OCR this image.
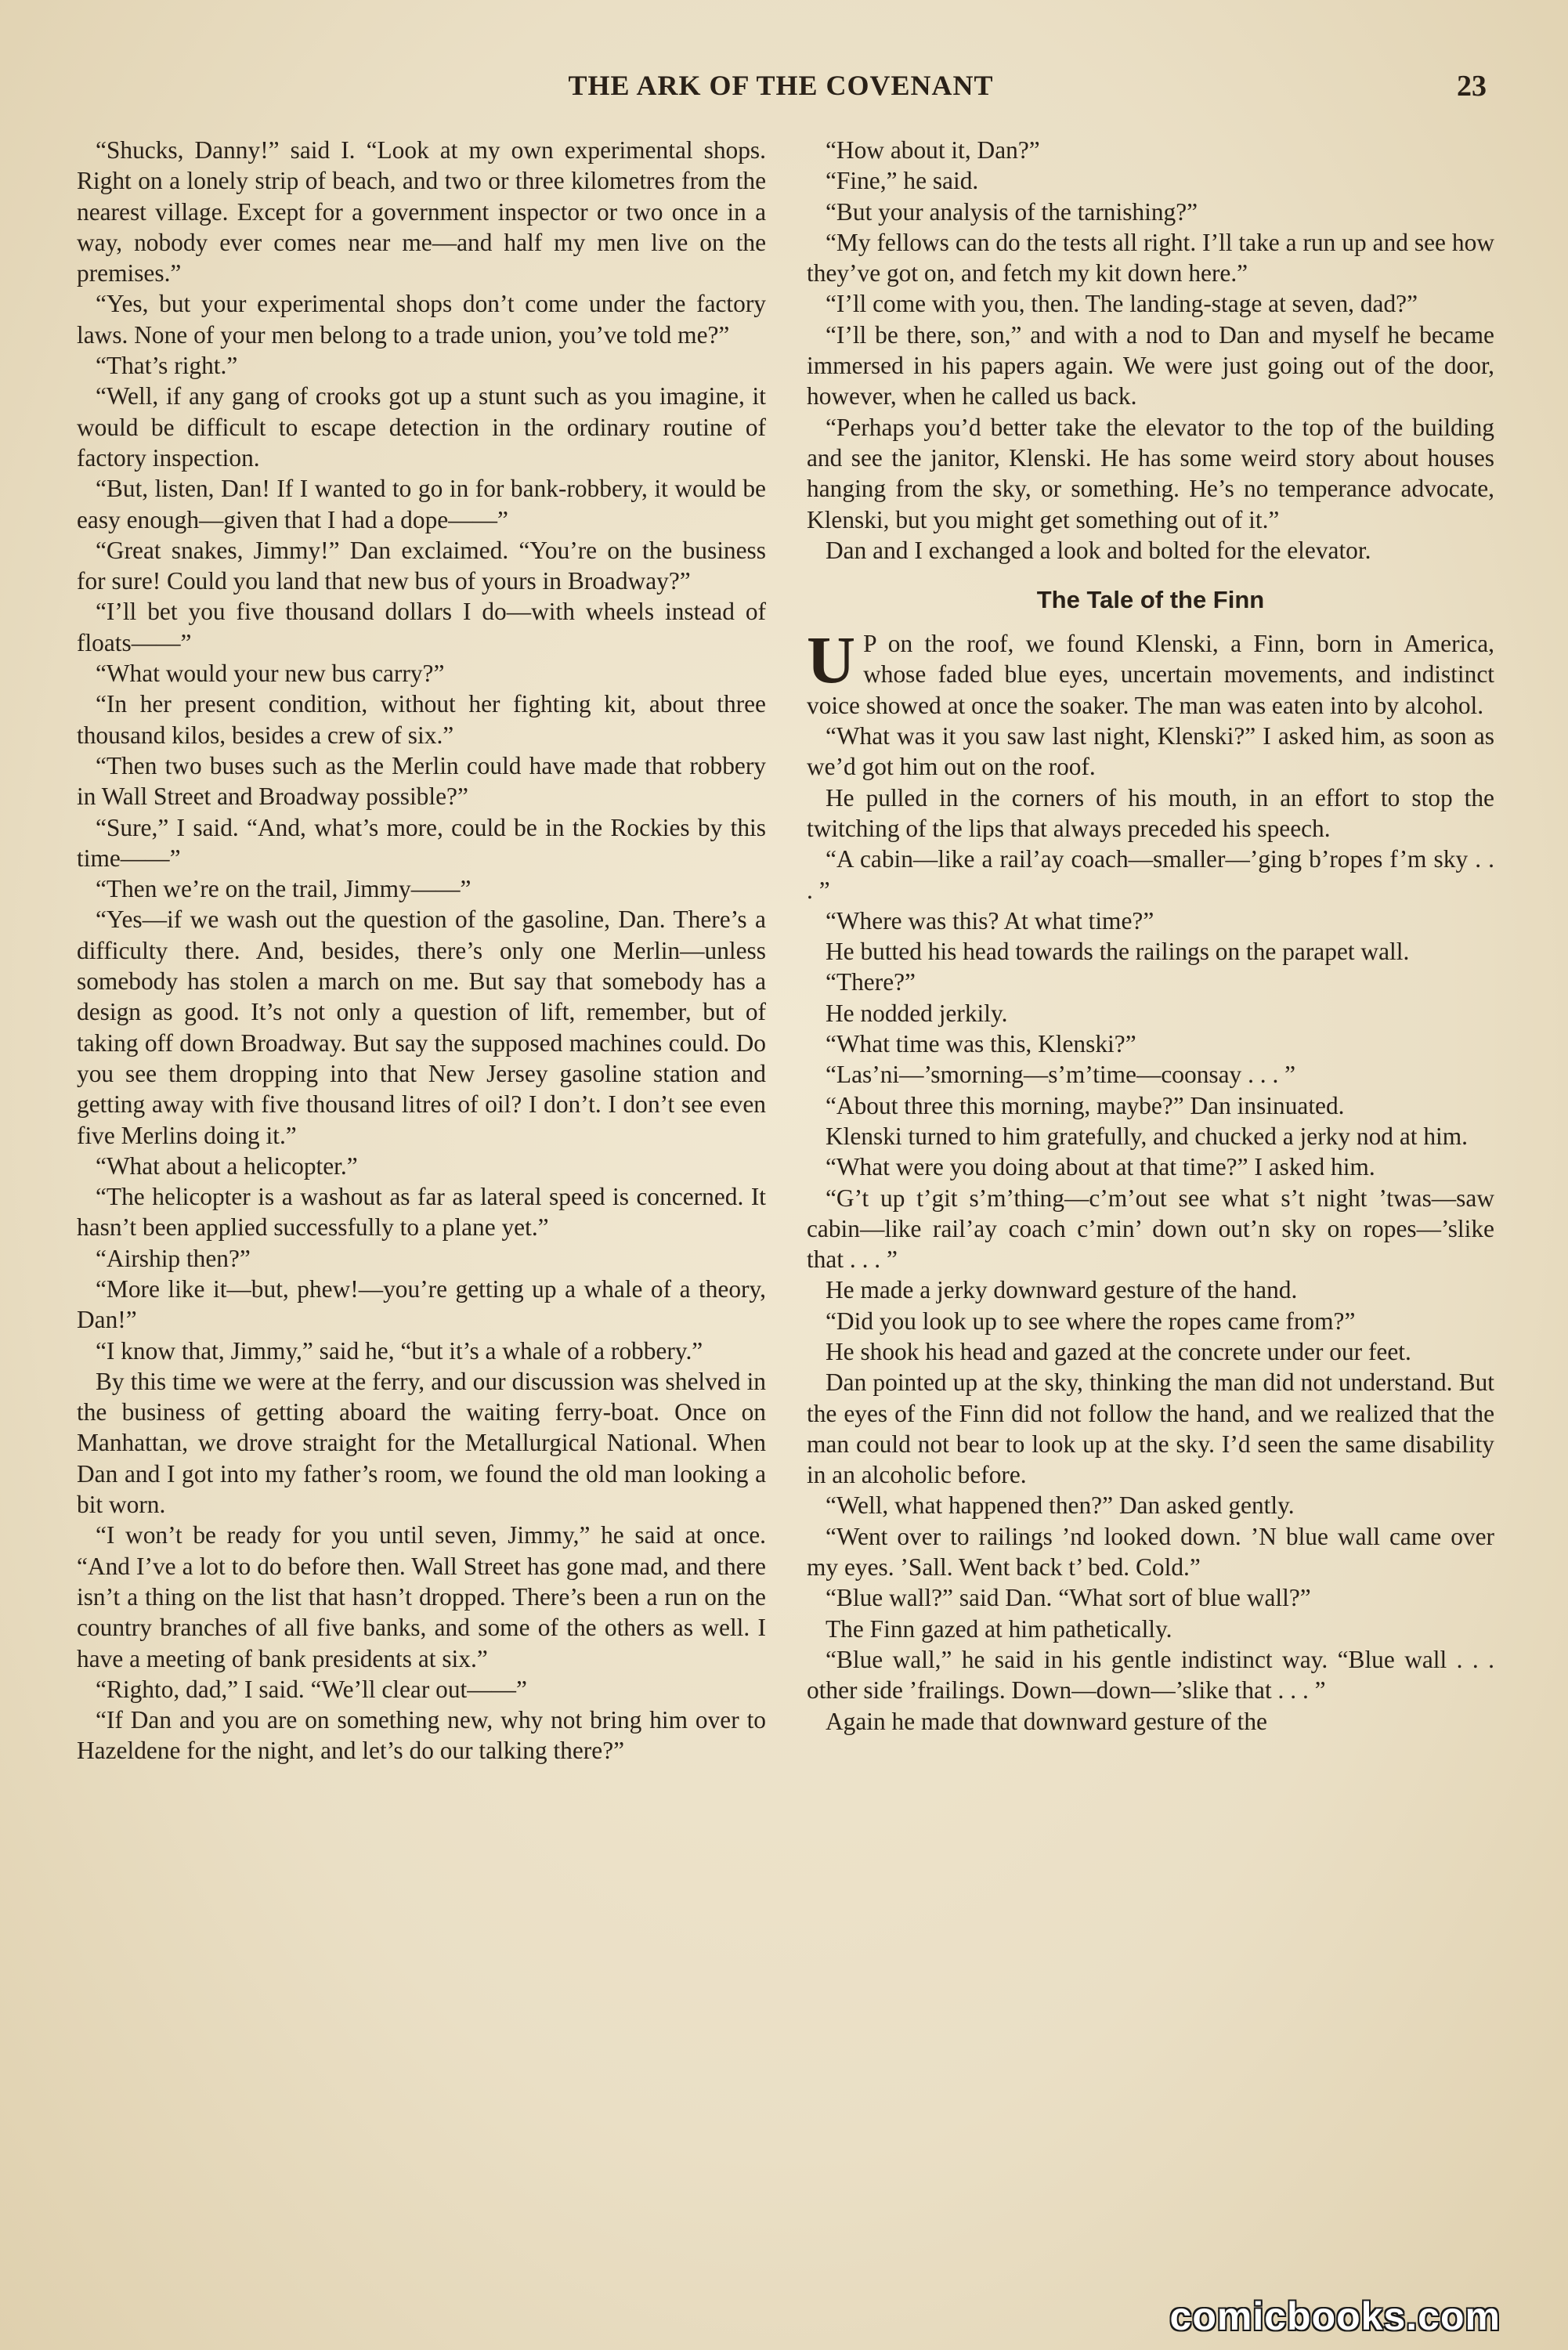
THE ARK OF THE COVENANT	23

“Shucks, Danny!” said I. “Look at my own experimental shops. Right on a lonely strip of beach, and two or three kilometres from the nearest village. Except for a government inspector or two once in a way, nobody ever comes near me—and half my men live on the premises.”

“Yes, but your experimental shops don’t come under the factory laws. None of your men belong to a trade union, you’ve told me?”

“That’s right.”

“Well, if any gang of crooks got up a stunt such as you imagine, it would be difficult to escape detection in the ordinary routine of factory inspection.

“But, listen, Dan! If I wanted to go in for bank-robbery, it would be easy enough—given that I had a dope——”

“Great snakes, Jimmy!” Dan exclaimed. “You’re on the business for sure! Could you land that new bus of yours in Broadway?”

“I’ll bet you five thousand dollars I do—with wheels instead of floats——”

“What would your new bus carry?”

“In her present condition, without her fighting kit, about three thousand kilos, besides a crew of six.”

“Then two buses such as the Merlin could have made that robbery in Wall Street and Broadway possible?”

“Sure,” I said. “And, what’s more, could be in the Rockies by this time——”

“Then we’re on the trail, Jimmy——”

“Yes—if we wash out the question of the gasoline, Dan. There’s a difficulty there. And, besides, there’s only one Merlin—unless somebody has stolen a march on me. But say that somebody has a design as good. It’s not only a question of lift, remember, but of taking off down Broadway. But say the supposed machines could. Do you see them dropping into that New Jersey gasoline station and getting away with five thousand litres of oil? I don’t. I don’t see even five Merlins doing it.”

“What about a helicopter.”

“The helicopter is a washout as far as lateral speed is concerned. It hasn’t been applied successfully to a plane yet.”

“Airship then?”

“More like it—but, phew!—you’re getting up a whale of a theory, Dan!”

“I know that, Jimmy,” said he, “but it’s a whale of a robbery.”

By this time we were at the ferry, and our discussion was shelved in the business of getting aboard the waiting ferry-boat. Once on Manhattan, we drove straight for the Metallurgical National. When Dan and I got into my father’s room, we found the old man looking a bit worn.

“I won’t be ready for you until seven, Jimmy,” he said at once. “And I’ve a lot to do before then. Wall Street has gone mad, and there isn’t a thing on the list that hasn’t dropped. There’s been a run on the country branches of all five banks, and some of the others as well. I have a meeting of bank presidents at six.”

“Righto, dad,” I said. “We’ll clear out——”

“If Dan and you are on something new, why not bring him over to Hazeldene for the night, and let’s do our talking there?”

“How about it, Dan?”

“Fine,” he said.

“But your analysis of the tarnishing?”

“My fellows can do the tests all right. I’ll take a run up and see how they’ve got on, and fetch my kit down here.”

“I’ll come with you, then. The landing-stage at seven, dad?”

“I’ll be there, son,” and with a nod to Dan and myself he became immersed in his papers again. We were just going out of the door, however, when he called us back.

“Perhaps you’d better take the elevator to the top of the building and see the janitor, Klenski. He has some weird story about houses hanging from the sky, or something. He’s no temperance advocate, Klenski, but you might get something out of it.”

Dan and I exchanged a look and bolted for the elevator.

The Tale of the Finn

U P on the roof, we found Klenski, a Finn, born in America, whose faded blue eyes, uncertain movements, and indistinct voice showed at once the soaker. The man was eaten into by alcohol.

“What was it you saw last night, Klenski?” I asked him, as soon as we’d got him out on the roof.

He pulled in the corners of his mouth, in an effort to stop the twitching of the lips that always preceded his speech.

“A cabin—like a rail’ay coach—smaller—’ging b’ropes f’m sky . . . ”

“Where was this? At what time?”

He butted his head towards the railings on the parapet wall.

“There?”

He nodded jerkily.

“What time was this, Klenski?”

“Las’ni—’smorning—s’m’time—coonsay . . . ”

“About three this morning, maybe?” Dan insinuated.

Klenski turned to him gratefully, and chucked a jerky nod at him.

“What were you doing about at that time?” I asked him.

“G’t up t’git s’m’thing—c’m’out see what s’t night ’twas—saw cabin—like rail’ay coach c’min’ down out’n sky on ropes—’slike that . . . ”

He made a jerky downward gesture of the hand.

“Did you look up to see where the ropes came from?”

He shook his head and gazed at the concrete under our feet.

Dan pointed up at the sky, thinking the man did not understand. But the eyes of the Finn did not follow the hand, and we realized that the man could not bear to look up at the sky. I’d seen the same disability in an alcoholic before.

“Well, what happened then?” Dan asked gently.

“Went over to railings ’nd looked down. ’N blue wall came over my eyes. ’Sall. Went back t’ bed. Cold.”

“Blue wall?” said Dan. “What sort of blue wall?”

The Finn gazed at him pathetically.

“Blue wall,” he said in his gentle indistinct way. “Blue wall . . . other side ’frailings. Down—down—’slike that . . . ”

Again he made that downward gesture of the

comicbooks.com
